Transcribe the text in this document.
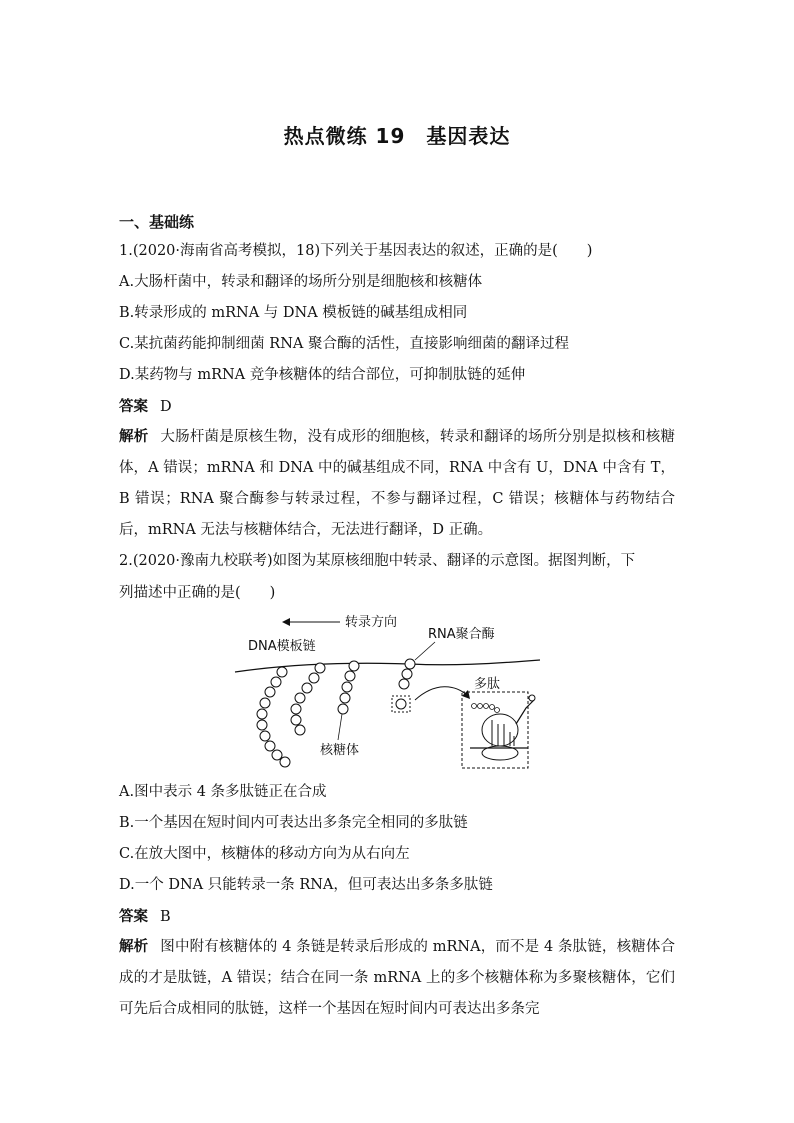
热点微练 19　基因表达
一、基础练
1.(2020·海南省高考模拟，18)下列关于基因表达的叙述，正确的是(　　)
A.大肠杆菌中，转录和翻译的场所分别是细胞核和核糖体
B.转录形成的 mRNA 与 DNA 模板链的碱基组成相同
C.某抗菌药能抑制细菌 RNA 聚合酶的活性，直接影响细菌的翻译过程
D.某药物与 mRNA 竞争核糖体的结合部位，可抑制肽链的延伸
答案 D
解析 大肠杆菌是原核生物，没有成形的细胞核，转录和翻译的场所分别是拟核和核糖体，A 错误；mRNA 和 DNA 中的碱基组成不同，RNA 中含有 U，DNA 中含有 T，B 错误；RNA 聚合酶参与转录过程，不参与翻译过程，C 错误；核糖体与药物结合后，mRNA 无法与核糖体结合，无法进行翻译，D 正确。
2.(2020·豫南九校联考)如图为某原核细胞中转录、翻译的示意图。据图判断，下
列描述中正确的是(　　)
转录方向
DNA模板链
RNA聚合酶
核糖体
多肽
A.图中表示 4 条多肽链正在合成
B.一个基因在短时间内可表达出多条完全相同的多肽链
C.在放大图中，核糖体的移动方向为从右向左
D.一个 DNA 只能转录一条 RNA，但可表达出多条多肽链
答案 B
解析 图中附有核糖体的 4 条链是转录后形成的 mRNA，而不是 4 条肽链，核糖体合成的才是肽链，A 错误；结合在同一条 mRNA 上的多个核糖体称为多聚核糖体，它们可先后合成相同的肽链，这样一个基因在短时间内可表达出多条完
